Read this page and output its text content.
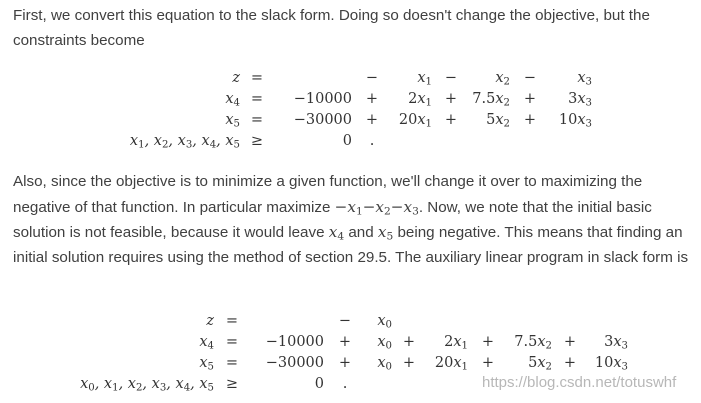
First, we convert this equation to the slack form. Doing so doesn't change the objective, but the constraints become

z	=		−	$x_1$	−	$x_2$	−	$x_3$
$x_4$	=	−10000	+	$2x_1$	+	$7.5x_2$	+	$3x_3$
$x_5$	=	−30000	+	$20x_1$	+	$5x_2$	+	$10x_3$
$x_1$, $x_2$, $x_3$, $x_4$, $x_5$	≥	0	.					

Also, since the objective is to minimize a given function, we'll change it over to maximizing the negative of that function. In particular maximize $-x_1-x_2-x_3$. Now, we note that the initial basic solution is not feasible, because it would leave $x_4$ and $x_5$ being negative. This means that finding an initial solution requires using the method of section 29.5. The auxiliary linear program in slack form is

z	=		−	$x_0$						
$x_4$	=	−10000	+	$x_0$	+	$2x_1$	+	$7.5x_2$	+	$3x_3$
$x_5$	=	−30000	+	$x_0$	+	$20x_1$	+	$5x_2$	+	$10x_3$
$x_0$, $x_1$, $x_2$, $x_3$, $x_4$, $x_5$	≥	0	.								https://blog.csdn.net/totuswhf
